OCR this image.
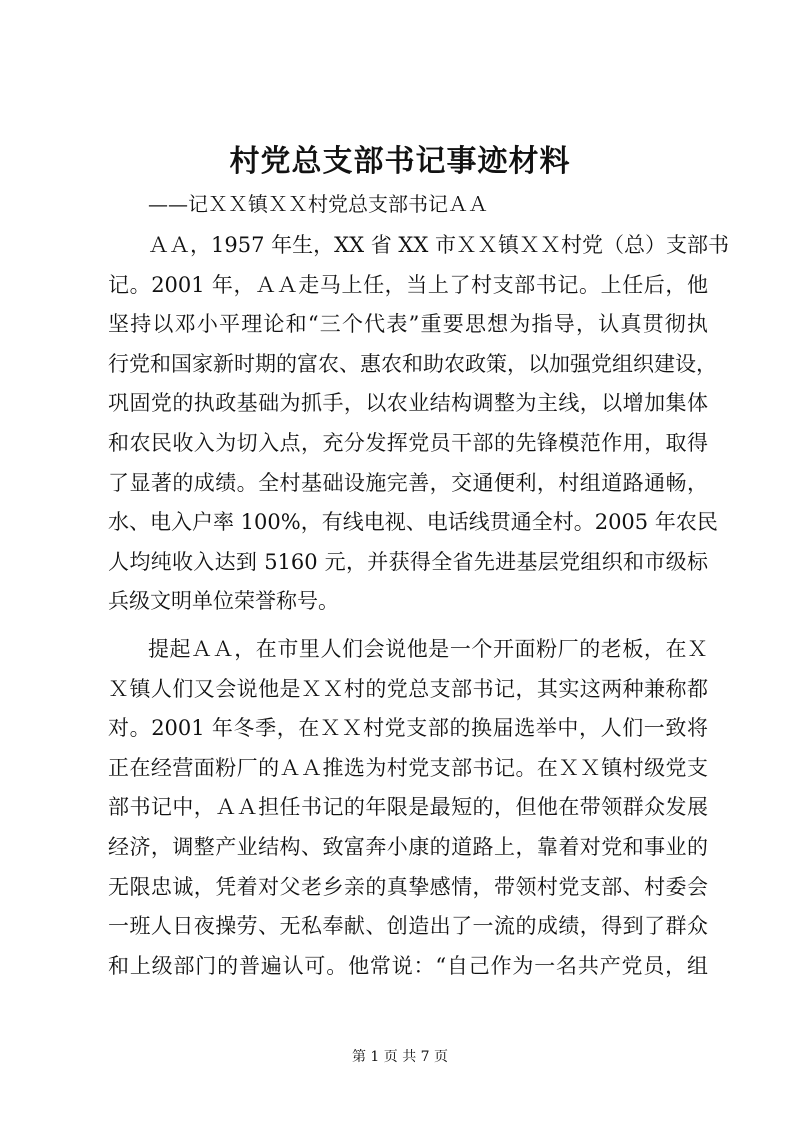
村党总支部书记事迹材料
——记ＸＸ镇ＸＸ村党总支部书记ＡＡ
ＡＡ，1957 年生，XX 省 XX 市ＸＸ镇ＸＸ村党（总）支部书
记。2001 年，ＡＡ走马上任，当上了村支部书记。上任后，他
坚持以邓小平理论和“三个代表”重要思想为指导，认真贯彻执
行党和国家新时期的富农、惠农和助农政策，以加强党组织建设，
巩固党的执政基础为抓手，以农业结构调整为主线，以增加集体
和农民收入为切入点，充分发挥党员干部的先锋模范作用，取得
了显著的成绩。全村基础设施完善，交通便利，村组道路通畅，
水、电入户率 100%，有线电视、电话线贯通全村。2005 年农民
人均纯收入达到 5160 元，并获得全省先进基层党组织和市级标
兵级文明单位荣誉称号。
提起ＡＡ，在市里人们会说他是一个开面粉厂的老板，在Ｘ
Ｘ镇人们又会说他是ＸＸ村的党总支部书记，其实这两种兼称都
对。2001 年冬季，在ＸＸ村党支部的换届选举中，人们一致将
正在经营面粉厂的ＡＡ推选为村党支部书记。在ＸＸ镇村级党支
部书记中，ＡＡ担任书记的年限是最短的，但他在带领群众发展
经济，调整产业结构、致富奔小康的道路上，靠着对党和事业的
无限忠诚，凭着对父老乡亲的真挚感情，带领村党支部、村委会
一班人日夜操劳、无私奉献、创造出了一流的成绩，得到了群众
和上级部门的普遍认可。他常说：“自己作为一名共产党员，组
第 1 页 共 7 页
